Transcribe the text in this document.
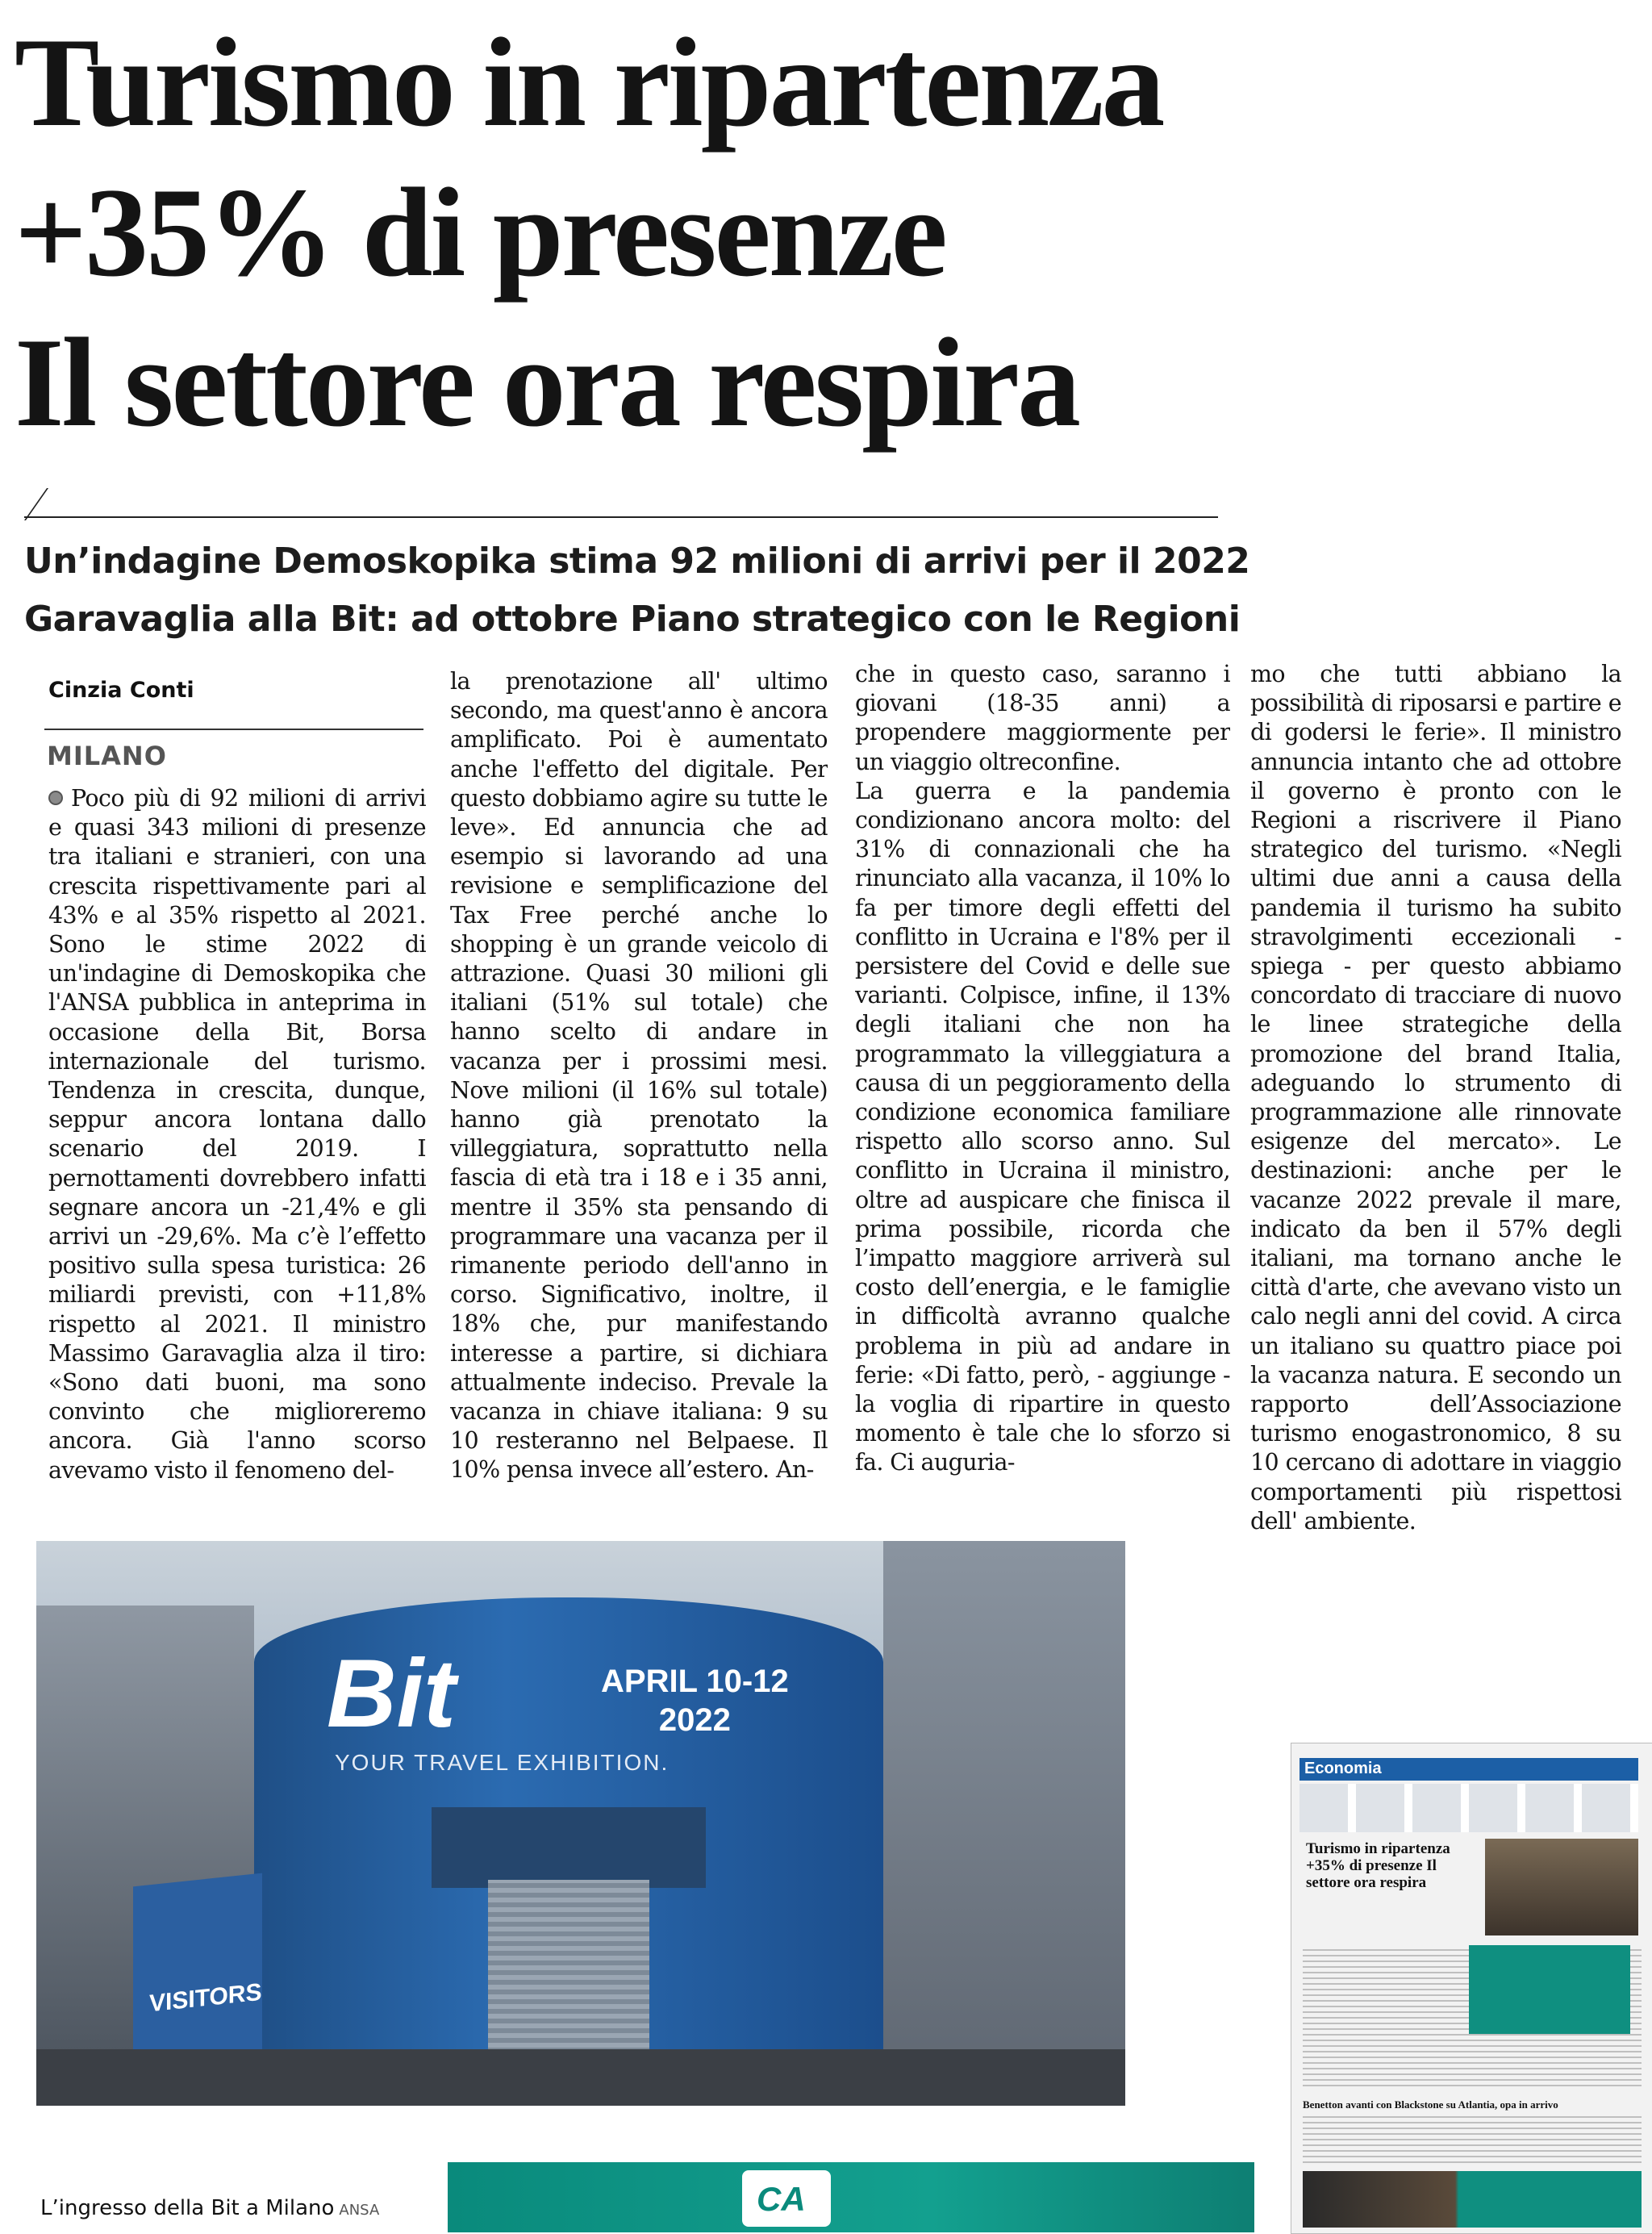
Turismo in ripartenza
+35% di presenze
Il settore ora respira
Un’indagine Demoskopika stima 92 milioni di arrivi per il 2022
Garavaglia alla Bit: ad ottobre Piano strategico con le Regioni
Cinzia Conti
MILANO

Poco più di 92 milioni di arrivi e quasi 343 milioni di presenze tra italiani e stranieri, con una crescita rispettivamente pari al 43% e al 35% rispetto al 2021. Sono le stime 2022 di un'indagine di Demoskopika che l'ANSA pubblica in anteprima in occasione della Bit, Borsa internazionale del turismo. Tendenza in crescita, dunque, seppur ancora lontana dallo scenario del 2019. I pernottamenti dovrebbero infatti segnare ancora un -21,4% e gli arrivi un -29,6%. Ma c’è l’effetto positivo sulla spesa turistica: 26 miliardi previsti, con +11,8% rispetto al 2021. Il ministro Massimo Garavaglia alza il tiro: «Sono dati buoni, ma sono convinto che miglioreremo ancora. Già l'anno scorso avevamo visto il fenomeno del-

la prenotazione all' ultimo secondo, ma quest'anno è ancora amplificato. Poi è aumentato anche l'effetto del digitale. Per questo dobbiamo agire su tutte le leve». Ed annuncia che ad esempio si lavorando ad una revisione e semplificazione del Tax Free perché anche lo shopping è un grande veicolo di attrazione. Quasi 30 milioni gli italiani (51% sul totale) che hanno scelto di andare in vacanza per i prossimi mesi. Nove milioni (il 16% sul totale) hanno già prenotato la villeggiatura, soprattutto nella fascia di età tra i 18 e i 35 anni, mentre il 35% sta pensando di programmare una vacanza per il rimanente periodo dell'anno in corso. Significativo, inoltre, il 18% che, pur manifestando interesse a partire, si dichiara attualmente indeciso. Prevale la vacanza in chiave italiana: 9 su 10 resteranno nel Belpaese. Il 10% pensa invece all’estero. An-

che in questo caso, saranno i giovani (18-35 anni) a propendere maggiormente per un viaggio oltreconfine.

La guerra e la pandemia condizionano ancora molto: del 31% di connazionali che ha rinunciato alla vacanza, il 10% lo fa per timore degli effetti del conflitto in Ucraina e l'8% per il persistere del Covid e delle sue varianti. Colpisce, infine, il 13% degli italiani che non ha programmato la villeggiatura a causa di un peggioramento della condizione economica familiare rispetto allo scorso anno. Sul conflitto in Ucraina il ministro, oltre ad auspicare che finisca il prima possibile, ricorda che l’impatto maggiore arriverà sul costo dell’energia, e le famiglie in difficoltà avranno qualche problema in più ad andare in ferie: «Di fatto, però, - aggiunge - la voglia di ripartire in questo momento è tale che lo sforzo si fa. Ci auguria-

mo che tutti abbiano la possibilità di riposarsi e partire e di godersi le ferie». Il ministro annuncia intanto che ad ottobre il governo è pronto con le Regioni a riscrivere il Piano strategico del turismo. «Negli ultimi due anni a causa della pandemia il turismo ha subito stravolgimenti eccezionali - spiega - per questo abbiamo concordato di tracciare di nuovo le linee strategiche della promozione del brand Italia, adeguando lo strumento di programmazione alle rinnovate esigenze del mercato». Le destinazioni: anche per le vacanze 2022 prevale il mare, indicato da ben il 57% degli italiani, ma tornano anche le città d'arte, che avevano visto un calo negli anni del covid. A circa un italiano su quattro piace poi la vacanza natura. E secondo un rapporto dell’Associazione turismo enogastronomico, 8 su 10 cercano di adottare in viaggio comportamenti più rispettosi dell' ambiente.

Bit
YOUR TRAVEL EXHIBITION.
APRIL 10-12
2022
VISITORS
CA
L’ingresso della Bit a Milano ANSA
Economia
Turismo in ripartenza +35% di presenze Il settore ora respira
Benetton avanti con Blackstone su Atlantia, opa in arrivo
